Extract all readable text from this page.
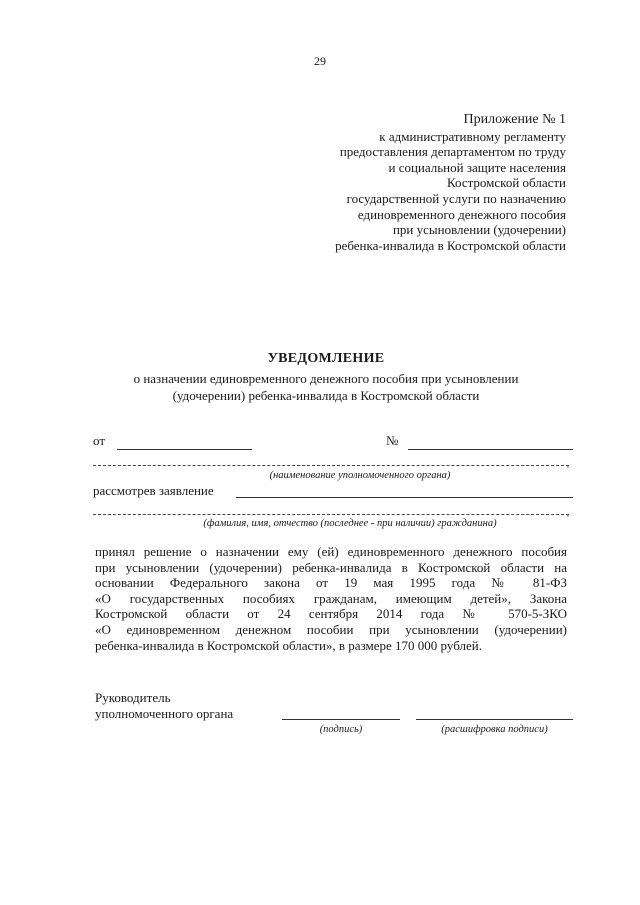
29
Приложение № 1
к административному регламенту
предоставления департаментом по труду
и социальной защите населения
Костромской области
государственной услуги по назначению
единовременного денежного пособия
при усыновлении (удочерении)
ребенка-инвалида в Костромской области
УВЕДОМЛЕНИЕ
о назначении единовременного денежного пособия при усыновлении
(удочерении) ребенка-инвалида в Костромской области
от	№
,
(наименование уполномоченного органа)
рассмотрев заявление
,
(фамилия, имя, отчество (последнее - при наличии) гражданина)

принял решение о назначении ему (ей) единовременного денежного пособия

при усыновлении (удочерении) ребенка-инвалида в Костромской области на

основании Федерального закона от 19 мая 1995 года № 81-ФЗ

«О государственных пособиях гражданам, имеющим детей», Закона

Костромской области от 24 сентября 2014 года № 570-5-ЗКО

«О единовременном денежном пособии при усыновлении (удочерении)

ребенка-инвалида в Костромской области», в размере 170 000 рублей.

Руководитель
уполномоченного органа
(подпись)	(расшифровка подписи)
